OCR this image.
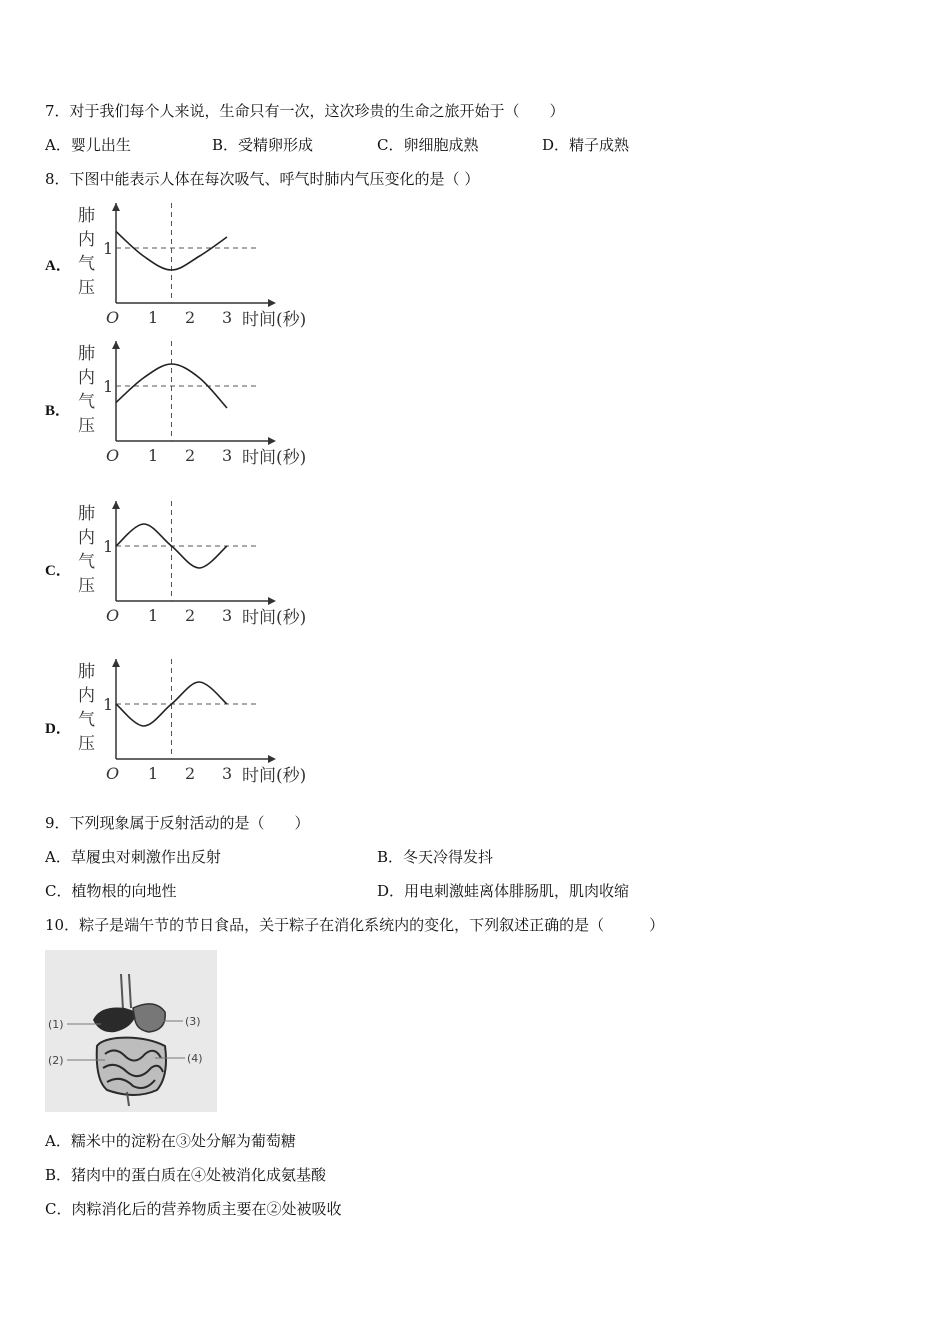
7．对于我们每个人来说，生命只有一次，这次珍贵的生命之旅开始于（　　）
A．婴儿出生	B．受精卵形成	C．卵细胞成熟	D．精子成熟
8．下图中能表示人体在每次吸气、呼气时肺内气压变化的是（ ）
A．
B．
C．
D．
肺
内
气
压
1
O 1 2 3 时间(秒)
肺
内
气
压
1
O 1 2 3 时间(秒)
肺
内
气
压
1
O 1 2 3 时间(秒)
肺
内
气
压
1
O 1 2 3 时间(秒)
9．下列现象属于反射活动的是（　　）
A．草履虫对刺激作出反射	B．冬天冷得发抖
C．植物根的向地性	D．用电刺激蛙离体腓肠肌，肌肉收缩
10．粽子是端午节的节日食品，关于粽子在消化系统内的变化，下列叙述正确的是（　　　）
(1)
(2)
(3)
(4)
A．糯米中的淀粉在③处分解为葡萄糖
B．猪肉中的蛋白质在④处被消化成氨基酸
C．肉粽消化后的营养物质主要在②处被吸收
